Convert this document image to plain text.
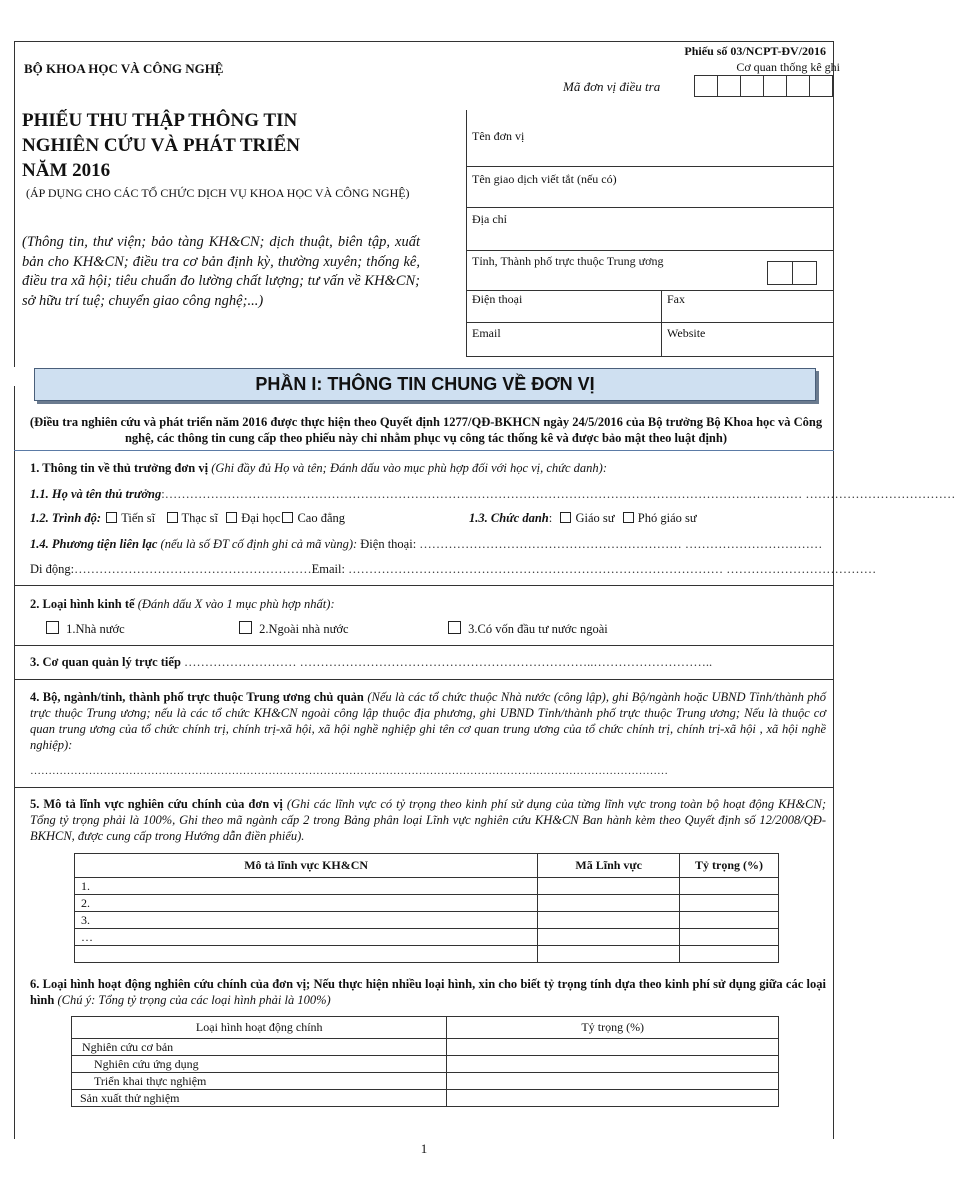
Phiếu số 03/NCPT-ĐV/2016
Cơ quan thống kê ghi
Mã đơn vị điều tra
BỘ KHOA HỌC VÀ CÔNG NGHỆ
PHIẾU THU THẬP THÔNG TIN
NGHIÊN CỨU VÀ PHÁT TRIỂN
NĂM 2016
(ÁP DỤNG CHO CÁC TỔ CHỨC DỊCH VỤ KHOA HỌC VÀ CÔNG NGHỆ)
(Thông tin, thư viện; bảo tàng KH&CN; dịch thuật, biên tập, xuất bản cho KH&CN; điều tra cơ bản định kỳ, thường xuyên; thống kê, điều tra xã hội; tiêu chuẩn đo lường chất lượng; tư vấn về KH&CN; sở hữu trí tuệ; chuyển giao công nghệ;...)
Tên đơn vị
Tên giao dịch viết tắt (nếu có)
Địa chỉ
Tỉnh, Thành phố trực thuộc Trung ương
Điện thoại	Fax
Email	Website
PHẦN I: THÔNG TIN CHUNG VỀ ĐƠN VỊ
(Điều tra nghiên cứu và phát triển năm 2016 được thực hiện theo Quyết định 1277/QĐ-BKHCN ngày 24/5/2016 của Bộ trưởng Bộ Khoa học và Công nghệ, các thông tin cung cấp theo phiếu này chỉ nhằm phục vụ công tác thống kê và được bảo mật theo luật định)
1. Thông tin về thủ trưởng đơn vị (Ghi đầy đủ Họ và tên; Đánh dấu vào mục phù hợp đối với học vị, chức danh):
1.1. Họ và tên thủ trưởng:……………………………………………………………………………………………………………………………………… ………………………………
1.2. Trình độ: Tiến sĩ Thạc sĩ Đại học Cao đẳng	1.3. Chức danh:  Giáo sư Phó giáo sư
1.4. Phương tiện liên lạc (nếu là số ĐT cố định ghi cả mã vùng): Điện thoại: ……………………………………………………… ……………………………
Di động:…………………………………………………Email: ……………………………………………………………………………… ………………………………
2. Loại hình kinh tế (Đánh dấu X vào 1 mục phù hợp nhất):
1.Nhà nước	2.Ngoài nhà nước	3.Có vốn đầu tư nước ngoài
3. Cơ quan quản lý trực tiếp ……………………… ……………………………………………………………..………………………..
4. Bộ, ngành/tỉnh, thành phố trực thuộc Trung ương chủ quản (Nếu là các tổ chức thuộc Nhà nước (công lập), ghi Bộ/ngành hoặc UBND Tỉnh/thành phố trực thuộc Trung ương; nếu là các tổ chức KH&CN ngoài công lập thuộc địa phương, ghi UBND Tỉnh/thành phố trực thuộc Trung ương; Nếu là thuộc cơ quan trung ương của tổ chức chính trị, chính trị-xã hội, xã hội nghề nghiệp ghi tên cơ quan trung ương của tổ chức chính trị, chính trị-xã hội , xã hội nghề nghiệp):
…………………………………………………………………………………………………………………………………………………………
5. Mô tả lĩnh vực nghiên cứu chính của đơn vị (Ghi các lĩnh vực có tỷ trọng theo kinh phí sử dụng của từng lĩnh vực trong toàn bộ hoạt động KH&CN; Tổng tỷ trọng phải là 100%, Ghi theo mã ngành cấp 2 trong Bảng phân loại Lĩnh vực nghiên cứu KH&CN Ban hành kèm theo Quyết định số 12/2008/QĐ-BKHCN, được cung cấp trong Hướng dẫn điền phiếu).
Mô tả lĩnh vực KH&CN	Mã Lĩnh vực	Tỷ trọng (%)
1.		
2.		
3.		
…		

6. Loại hình hoạt động nghiên cứu chính của đơn vị; Nếu thực hiện nhiều loại hình, xin cho biết tỷ trọng tính dựa theo kinh phí sử dụng giữa các loại hình (Chú ý: Tổng tỷ trọng của các loại hình phải là 100%)
Loại hình hoạt động chính	Tỷ trọng (%)
Nghiên cứu cơ bản	
Nghiên cứu ứng dụng	
Triển khai thực nghiệm	
Sản xuất thử nghiệm	
1
